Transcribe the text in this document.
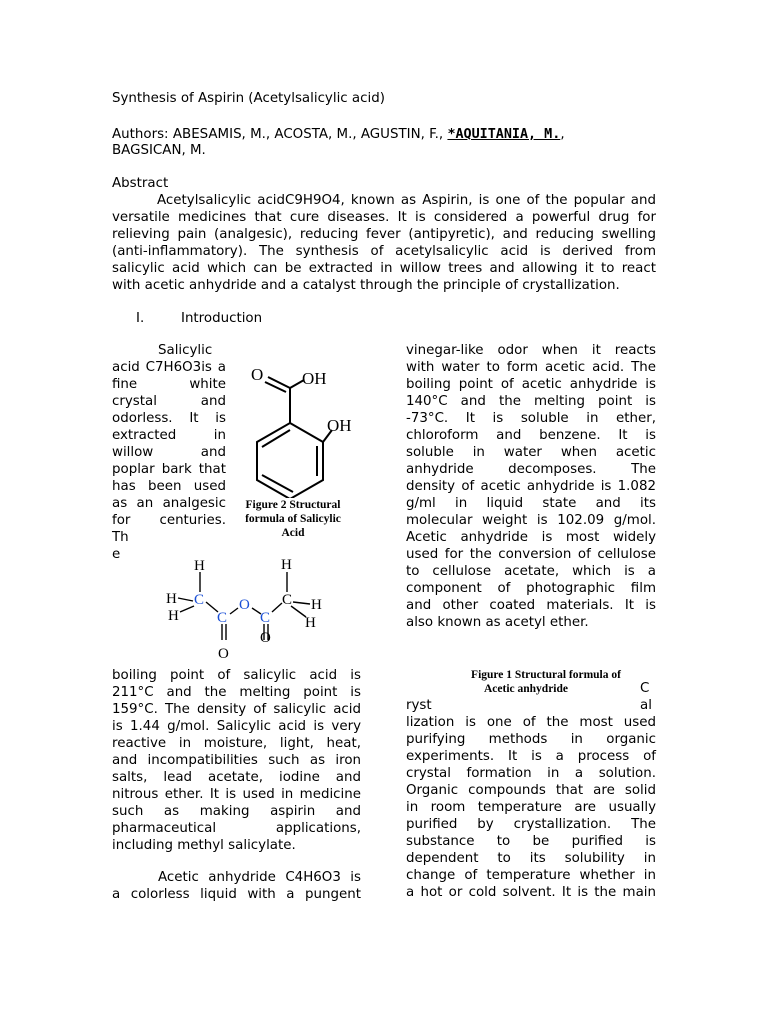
Synthesis of Aspirin (Acetylsalicylic acid)
Authors: ABESAMIS, M., ACOSTA, M., AGUSTIN, F., *AQUITANIA, M.,
BAGSICAN, M.
Abstract
Acetylsalicylic acidC9H9O4, known as Aspirin, is one of the popular and
versatile medicines that cure diseases. It is considered a powerful drug for
relieving pain (analgesic), reducing fever (antipyretic), and reducing swelling
(anti-inflammatory). The synthesis of acetylsalicylic acid is derived from
salicylic acid which can be extracted in willow trees and allowing it to react
with acetic anhydride and a catalyst through the principle of crystallization.
I.	Introduction
Salicylic
acid C7H6O3is a
fine white
crystal and
odorless. It is
extracted in
willow and
poplar bark that
has been used
as an analgesic
for centuries.
Th
e
O OH
OH
Figure 2 Structural
formula of Salicylic
Acid
H
H
H
C
C
O
C
C
H
H
H
O
O
boiling point of salicylic acid is
211°C and the melting point is
159°C. The density of salicylic acid
is 1.44 g/mol. Salicylic acid is very
reactive in moisture, light, heat,
and incompatibilities such as iron
salts, lead acetate, iodine and
nitrous ether. It is used in medicine
such as making aspirin and
pharmaceutical applications,
including methyl salicylate.
Acetic anhydride C4H6O3 is
a colorless liquid with a pungent
vinegar-like odor when it reacts
with water to form acetic acid. The
boiling point of acetic anhydride is
140°C and the melting point is
-73°C. It is soluble in ether,
chloroform and benzene. It is
soluble in water when acetic
anhydride decomposes. The
density of acetic anhydride is 1.082
g/ml in liquid state and its
molecular weight is 102.09 g/mol.
Acetic anhydride is most widely
used for the conversion of cellulose
to cellulose acetate, which is a
component of photographic film
and other coated materials. It is
also known as acetyl ether.
Figure 1 Structural formula of
Acetic anhydride	C
al
ryst
lization is one of the most used
purifying methods in organic
experiments. It is a process of
crystal formation in a solution.
Organic compounds that are solid
in room temperature are usually
purified by crystallization. The
substance to be purified is
dependent to its solubility in
change of temperature whether in
a hot or cold solvent. It is the main
